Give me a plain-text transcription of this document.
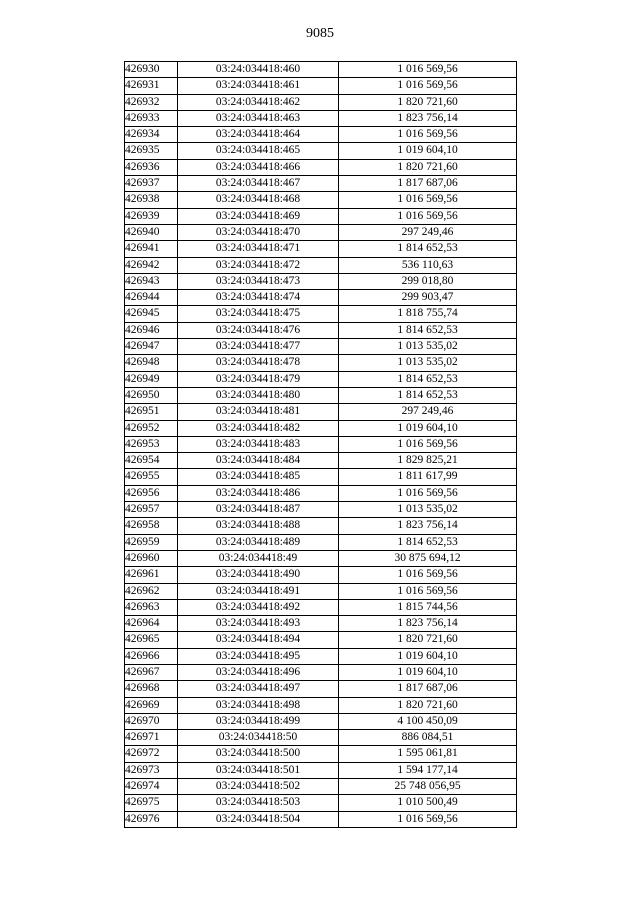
9085
426930	03:24:034418:460	1 016 569,56
426931	03:24:034418:461	1 016 569,56
426932	03:24:034418:462	1 820 721,60
426933	03:24:034418:463	1 823 756,14
426934	03:24:034418:464	1 016 569,56
426935	03:24:034418:465	1 019 604,10
426936	03:24:034418:466	1 820 721,60
426937	03:24:034418:467	1 817 687,06
426938	03:24:034418:468	1 016 569,56
426939	03:24:034418:469	1 016 569,56
426940	03:24:034418:470	297 249,46
426941	03:24:034418:471	1 814 652,53
426942	03:24:034418:472	536 110,63
426943	03:24:034418:473	299 018,80
426944	03:24:034418:474	299 903,47
426945	03:24:034418:475	1 818 755,74
426946	03:24:034418:476	1 814 652,53
426947	03:24:034418:477	1 013 535,02
426948	03:24:034418:478	1 013 535,02
426949	03:24:034418:479	1 814 652,53
426950	03:24:034418:480	1 814 652,53
426951	03:24:034418:481	297 249,46
426952	03:24:034418:482	1 019 604,10
426953	03:24:034418:483	1 016 569,56
426954	03:24:034418:484	1 829 825,21
426955	03:24:034418:485	1 811 617,99
426956	03:24:034418:486	1 016 569,56
426957	03:24:034418:487	1 013 535,02
426958	03:24:034418:488	1 823 756,14
426959	03:24:034418:489	1 814 652,53
426960	03:24:034418:49	30 875 694,12
426961	03:24:034418:490	1 016 569,56
426962	03:24:034418:491	1 016 569,56
426963	03:24:034418:492	1 815 744,56
426964	03:24:034418:493	1 823 756,14
426965	03:24:034418:494	1 820 721,60
426966	03:24:034418:495	1 019 604,10
426967	03:24:034418:496	1 019 604,10
426968	03:24:034418:497	1 817 687,06
426969	03:24:034418:498	1 820 721,60
426970	03:24:034418:499	4 100 450,09
426971	03:24:034418:50	886 084,51
426972	03:24:034418:500	1 595 061,81
426973	03:24:034418:501	1 594 177,14
426974	03:24:034418:502	25 748 056,95
426975	03:24:034418:503	1 010 500,49
426976	03:24:034418:504	1 016 569,56
